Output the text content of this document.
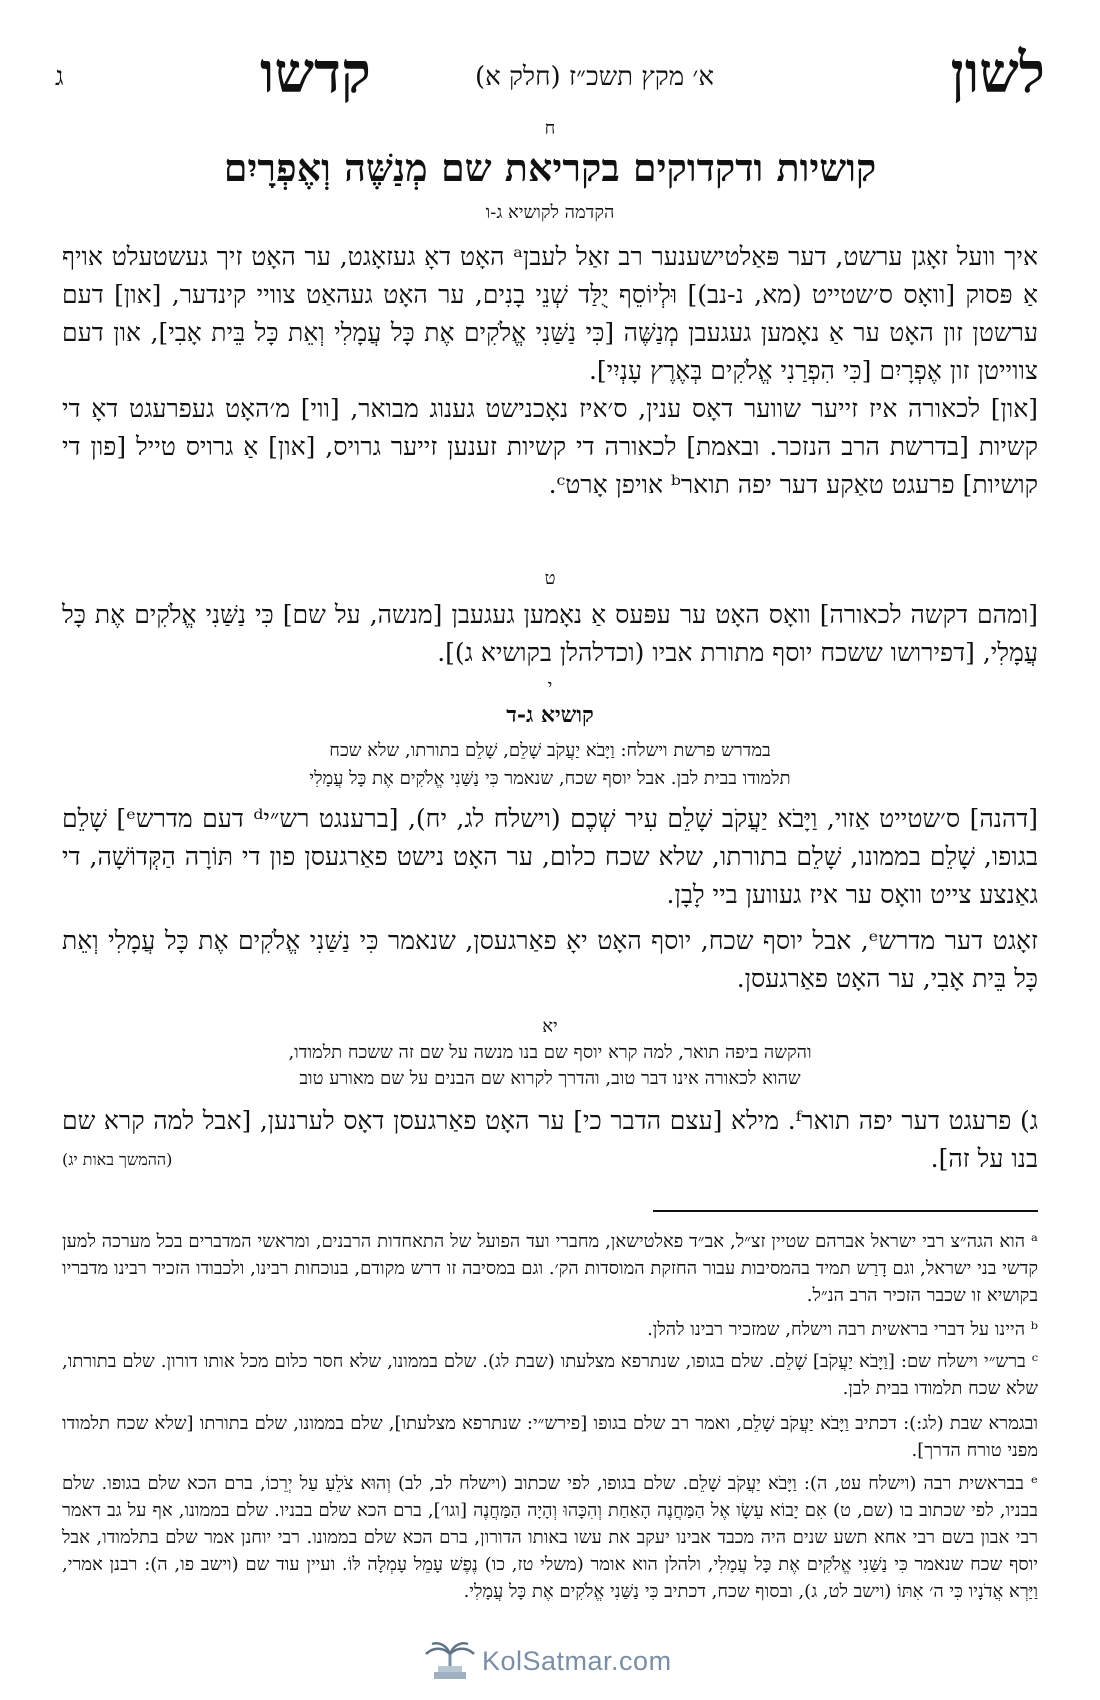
לשון
א׳ מקץ תשכ״ז (חלק א)
קדשו
ג
ח
קושיות ודקדוקים בקריאת שם מְנַשֶּׁה וְאֶפְרָיִם
הקדמה לקושיא ג-ו
איך וועל זאָגן ערשט, דער פּאַלטישענער רב זאַל לעבןᵃ האָט דאָ געזאָגט, ער האָט זיך געשטעלט אויף אַ פּסוק [וואָס ס׳שטייט (מא, נ-נב)] וּלְיוֹסֵף יֻלַּד שְׁנֵי בָנִים, ער האָט געהאַט צוויי קינדער, [און] דעם ערשטן זון האָט ער אַ נאָמען געגעבן מְנַשֶּׁה [כִּי נַשַּׁנִי אֱלֹקִים אֶת כָּל עֲמָלִי וְאֵת כָּל בֵּית אָבִי], און דעם צווייטן זון אֶפְרָיִם [כִּי הִפְרַנִי אֱלֹקִים בְּאֶרֶץ עָנְיִי].
[און] לכאורה איז זייער שווער דאָס ענין, ס׳איז נאָכנישט גענוג מבואר, [ווי] מ׳האָט געפרעגט דאָ די קשיות [בדרשת הרב הנזכר. ובאמת] לכאורה די קשיות זענען זייער גרויס, [און] אַ גרויס טייל [פון די קושיות] פרעגט טאַקע דער יפה תוארᵇ אויפן אָרטᶜ.
ט
[ומהם דקשה לכאורה] וואָס האָט ער עפּעס אַ נאָמען געגעבן [מנשה, על שם] כִּי נַשַּׁנִי אֱלֹקִים אֶת כָּל עֲמָלִי, [דפירושו ששכח יוסף מתורת אביו (וכדלהלן בקושיא ג)].
י
קושיא ג-ד
במדרש פרשת וישלח: וַיָּבֹא יַעֲקֹב שָׁלֵם, שָׁלֵם בתורתו, שלא שכח
תלמודו בבית לבן. אבל יוסף שכח, שנאמר כִּי נַשַּׁנִי אֱלֹקִים אֶת כָּל עֲמָלִי
[דהנה] ס׳שטייט אַזוי, וַיָּבֹא יַעֲקֹב שָׁלֵם עִיר שְׁכֶם (וישלח לג, יח), [ברענגט רש״יᵈ דעם מדרשᵉ] שָׁלֵם בגופו, שָׁלֵם בממונו, שָׁלֵם בתורתו, שלא שכח כלום, ער האָט נישט פאַרגעסן פון די תּוֹרָה הַקְּדוֹשָׁה, די גאַנצע צייט וואָס ער איז געווען ביי לָבָן.
זאָגט דער מדרשᵉ, אבל יוסף שכח, יוסף האָט יאָ פאַרגעסן, שנאמר כִּי נַשַּׁנִי אֱלֹקִים אֶת כָּל עֲמָלִי וְאֵת כָּל בֵּית אָבִי, ער האָט פאַרגעסן.
יא
והקשה ביפה תואר, למה קרא יוסף שם בנו מנשה על שם זה ששכח תלמודו,
שהוא לכאורה אינו דבר טוב, והדרך לקרוא שם הבנים על שם מאורע טוב
ג) פרעגט דער יפה תוארᶠ. מילא [עצם הדבר כי] ער האָט פאַרגעסן דאָס לערנען, [אבל למה קרא שם בנו על זה].
(ההמשך באות יג)
ᵃ הוא הגה״צ רבי ישראל אברהם שטיין זצ״ל, אב״ד פאלטישאן, מחברי ועד הפועל של התאחדות הרבנים, ומראשי המדברים בכל מערכה למען קדשי בני ישראל, וגם דָרַש תמיד בהמסיבות עבור החזקת המוסדות הק׳. וגם במסיבה זו דרש מקודם, בנוכחות רבינו, ולכבודו הזכיר רבינו מדבריו בקושיא זו שכבר הזכיר הרב הנ״ל.
ᵇ היינו על דברי בראשית רבה וישלח, שמזכיר רבינו להלן.
ᶜ ברש״י וישלח שם: [וַיָּבֹא יַעֲקֹב] שָׁלֵם. שלם בגופו, שנתרפא מצלעתו (שבת לג). שלם בממונו, שלא חסר כלום מכל אותו דורון. שלם בתורתו, שלא שכח תלמודו בבית לבן.
ובגמרא שבת (לג:): דכתיב וַיָּבֹא יַעֲקֹב שָׁלֵם, ואמר רב שלם בגופו [פירש״י: שנתרפא מצלעתו], שלם בממונו, שלם בתורתו [שלא שכח תלמודו מפני טורח הדרך].
ᵉ בבראשית רבה (וישלח עט, ה): וַיָּבֹא יַעֲקֹב שָׁלֵם. שלם בגופו, לפי שכתוב (וישלח לב, לב) וְהוּא צֹלֵעַ עַל יְרֵכוֹ, ברם הכא שלם בגופו. שלם בבניו, לפי שכתוב בו (שם, ט) אִם יָבוֹא עֵשָׂו אֶל הַמַּחֲנֶה הָאַחַת וְהִכָּהוּ וְהָיָה הַמַּחֲנֶה [וגו׳], ברם הכא שלם בבניו. שלם בממונו, אף על גב דאמר רבי אבון בשם רבי אחא תשע שנים היה מכבד אבינו יעקב את עשו באותו הדורון, ברם הכא שלם בממונו. רבי יוחנן אמר שלם בתלמודו, אבל יוסף שכח שנאמר כִּי נַשַּׁנִי אֱלֹקִים אֶת כָּל עֲמָלִי, ולהלן הוא אומר (משלי טז, כו) נֶפֶשׁ עָמֵל עָמְלָה לּוֹ. ועיין עוד שם (וישב פו, ה): רבנן אמרי, וַיַּרְא אֲדֹנָיו כִּי ה׳ אִתּוֹ (וישב לט, ג), ובסוף שכח, דכתיב כִּי נַשַּׁנִי אֱלֹקִים אֶת כָּל עֲמָלִי.
KolSatmar.com
